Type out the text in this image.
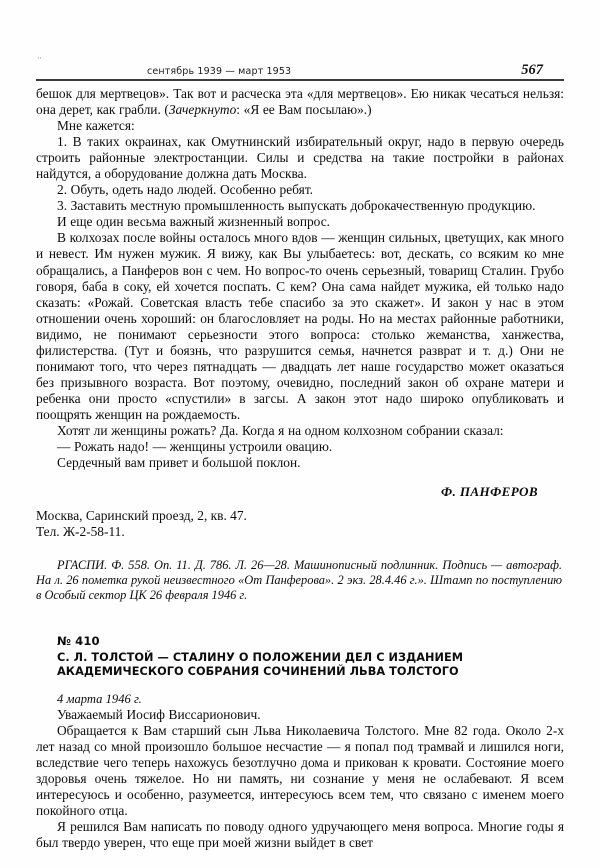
··
сентябрь 1939 — март 1953	567

бешок для мертвецов». Так вот и расческа эта «для мертвецов». Ею никак чесаться нельзя: она дерет, как грабли. (Зачеркнуто: «Я ее Вам посылаю».)

Мне кажется:

1. В таких окраинах, как Омутнинский избирательный округ, надо в первую очередь строить районные электростанции. Силы и средства на такие постройки в районах найдутся, а оборудование должна дать Москва.

2. Обуть, одеть надо людей. Особенно ребят.

3. Заставить местную промышленность выпускать доброкачественную продукцию.

И еще один весьма важный жизненный вопрос.

В колхозах после войны осталось много вдов — женщин сильных, цветущих, как много и невест. Им нужен мужик. Я вижу, как Вы улыбаетесь: вот, дескать, со всяким ко мне обращались, а Панферов вон с чем. Но вопрос-то очень серьезный, товарищ Сталин. Грубо говоря, баба в соку, ей хочется поспать. С кем? Она сама найдет мужика, ей только надо сказать: «Рожай. Советская власть тебе спасибо за это скажет». И закон у нас в этом отношении очень хороший: он благословляет на роды. Но на местах районные работники, видимо, не понимают серьезности этого вопроса: столько жеманства, ханжества, филистерства. (Тут и боязнь, что разрушится семья, начнется разврат и т. д.) Они не понимают того, что через пятнадцать — двадцать лет наше государство может оказаться без призывного возраста. Вот поэтому, очевидно, последний закон об охране матери и ребенка они просто «спустили» в загсы. А закон этот надо широко опубликовать и поощрять женщин на рождаемость.

Хотят ли женщины рожать? Да. Когда я на одном колхозном собрании сказал:

— Рожать надо! — женщины устроили овацию.

Сердечный вам привет и большой поклон.

Ф. ПАНФЕРОВ

Москва, Саринский проезд, 2, кв. 47.

Тел. Ж-2-58-11.

РГАСПИ. Ф. 558. Оп. 11. Д. 786. Л. 26—28. Машинописный подлинник. Подпись — автограф. На л. 26 пометка рукой неизвестного «От Панферова». 2 экз. 28.4.46 г.». Штамп по поступлению в Особый сектор ЦК 26 февраля 1946 г.

№ 410

С. Л. ТОЛСТОЙ — СТАЛИНУ О ПОЛОЖЕНИИ ДЕЛ С ИЗДАНИЕМ

АКАДЕМИЧЕСКОГО СОБРАНИЯ СОЧИНЕНИЙ ЛЬВА ТОЛСТОГО

4 марта 1946 г.

Уважаемый Иосиф Виссарионович.

Обращается к Вам старший сын Льва Николаевича Толстого. Мне 82 года. Около 2-х лет назад со мной произошло большое несчастие — я попал под трамвай и лишился ноги, вследствие чего теперь нахожусь безотлучно дома и прикован к кровати. Состояние моего здоровья очень тяжелое. Но ни память, ни сознание у меня не ослабевают. Я всем интересуюсь и особенно, разумеется, интересуюсь всем тем, что связано с именем моего покойного отца.

Я решился Вам написать по поводу одного удручающего меня вопроса. Многие годы я был твердо уверен, что еще при моей жизни выйдет в свет
